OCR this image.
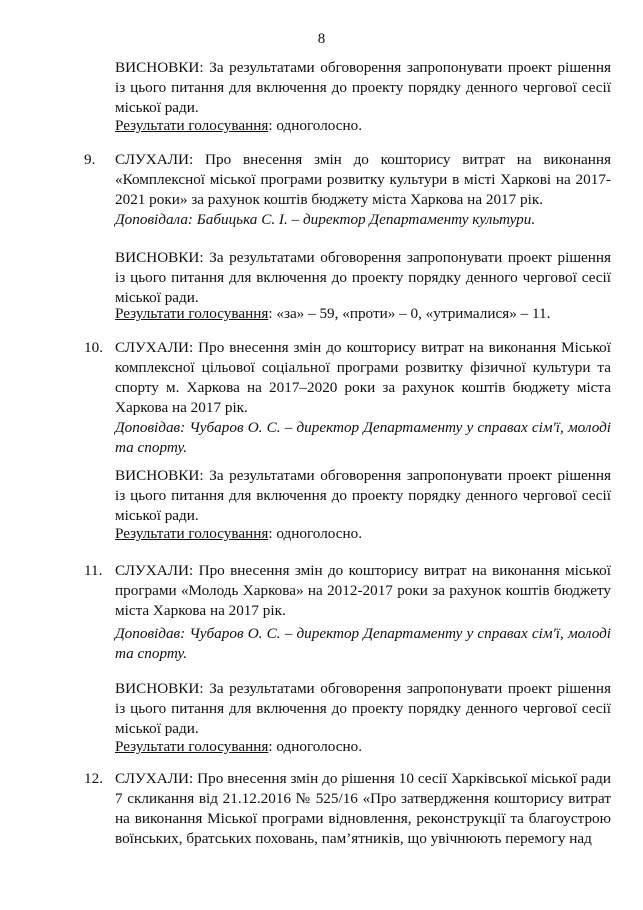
8
ВИСНОВКИ: За результатами обговорення запропонувати проект рішення із цього питання для включення до проекту порядку денного чергової сесії міської ради.
Результати голосування: одноголосно.
9. СЛУХАЛИ: Про внесення змін до кошторису витрат на виконання «Комплексної міської програми розвитку культури в місті Харкові на 2017-2021 роки» за рахунок коштів бюджету міста Харкова на 2017 рік.
Доповідала: Бабицька С. І. – директор Департаменту культури.
ВИСНОВКИ: За результатами обговорення запропонувати проект рішення із цього питання для включення до проекту порядку денного чергової сесії міської ради.
Результати голосування: «за» – 59, «проти» – 0, «утрималися» – 11.
10. СЛУХАЛИ: Про внесення змін до кошторису витрат на виконання Міської комплексної цільової соціальної програми розвитку фізичної культури та спорту м. Харкова на 2017–2020 роки за рахунок коштів бюджету міста Харкова на 2017 рік.
Доповідав: Чубаров О. С. – директор Департаменту у справах сім'ї, молоді та спорту.
ВИСНОВКИ: За результатами обговорення запропонувати проект рішення із цього питання для включення до проекту порядку денного чергової сесії міської ради.
Результати голосування: одноголосно.
11. СЛУХАЛИ: Про внесення змін до кошторису витрат на виконання міської програми «Молодь Харкова» на 2012-2017 роки за рахунок коштів бюджету міста Харкова на 2017 рік.
Доповідав: Чубаров О. С. – директор Департаменту у справах сім'ї, молоді та спорту.
ВИСНОВКИ: За результатами обговорення запропонувати проект рішення із цього питання для включення до проекту порядку денного чергової сесії міської ради.
Результати голосування: одноголосно.
12. СЛУХАЛИ: Про внесення змін до рішення 10 сесії Харківської міської ради 7 скликання від 21.12.2016 № 525/16 «Про затвердження кошторису витрат на виконання Міської програми відновлення, реконструкції та благоустрою воїнських, братських поховань, пам’ятників, що увічнюють перемогу над
